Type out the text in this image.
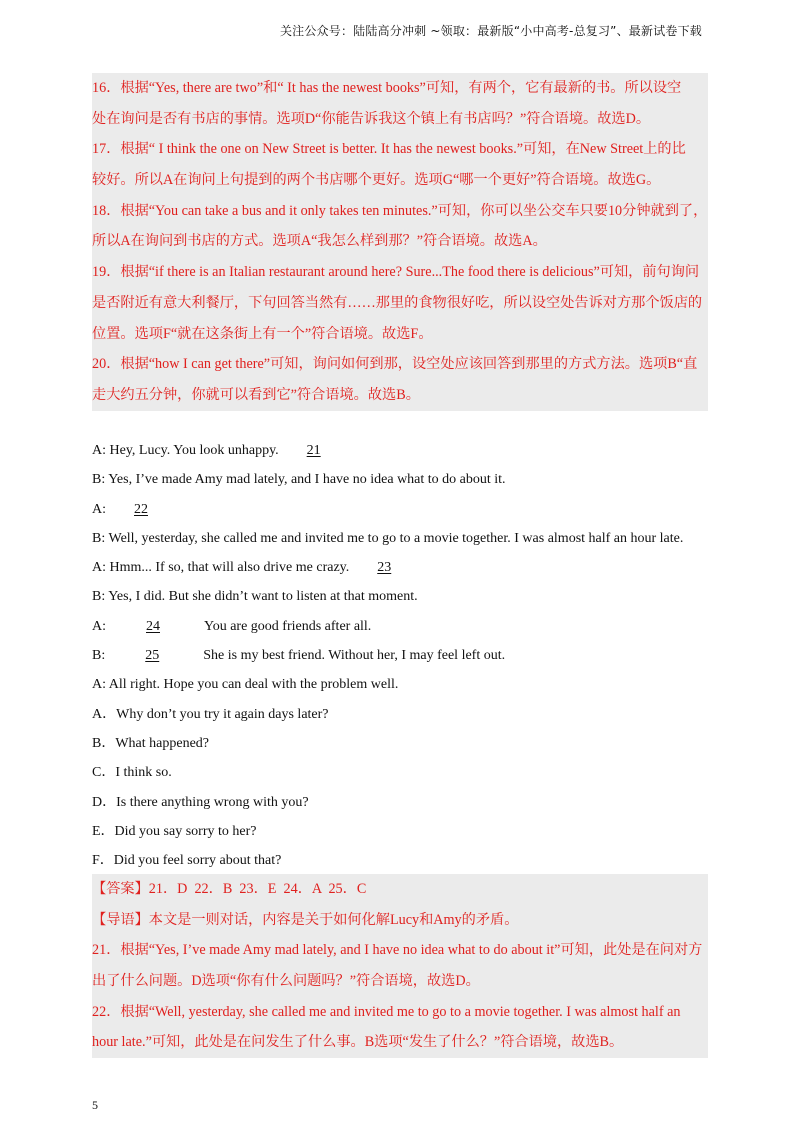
关注公众号：陆陆高分冲刺 ~领取：最新版“小中高考-总复习”、最新试卷下载
16．根据“Yes, there are two”和“ It has the newest books”可知，有两个，它有最新的书。所以设空
处在询问是否有书店的事情。选项D“你能告诉我这个镇上有书店吗？”符合语境。故选D。
17．根据“ I think the one on New Street is better. It has the newest books.”可知，在New Street上的比
较好。所以A在询问上句提到的两个书店哪个更好。选项G“哪一个更好”符合语境。故选G。
18．根据“You can take a bus and it only takes ten minutes.”可知，你可以坐公交车只要10分钟就到了，
所以A在询问到书店的方式。选项A“我怎么样到那？”符合语境。故选A。
19．根据“if there is an Italian restaurant around here? Sure...The food there is delicious”可知，前句询问
是否附近有意大利餐厅，下句回答当然有……那里的食物很好吃，所以设空处告诉对方那个饭店的
位置。选项F“就在这条街上有一个”符合语境。故选F。
20．根据“how I can get there”可知，询问如何到那，设空处应该回答到那里的方式方法。选项B“直
走大约五分钟，你就可以看到它”符合语境。故选B。
A: Hey, Lucy. You look unhappy. 21
B: Yes, I’ve made Amy mad lately, and I have no idea what to do about it.
A: 22
B: Well, yesterday, she called me and invited me to go to a movie together. I was almost half an hour late.
A: Hmm... If so, that will also drive me crazy. 23
B: Yes, I did. But she didn’t want to listen at that moment.
A:	24	You are good friends after all.
B:	25	She is my best friend. Without her, I may feel left out.
A: All right. Hope you can deal with the problem well.
A．Why don’t you try it again days later?
B．What happened?
C．I think so.
D．Is there anything wrong with you?
E．Did you say sorry to her?
F．Did you feel sorry about that?
【答案】21．D  22．B  23．E  24．A  25．C
【导语】本文是一则对话，内容是关于如何化解Lucy和Amy的矛盾。
21．根据“Yes, I’ve made Amy mad lately, and I have no idea what to do about it”可知，此处是在问对方
出了什么问题。D选项“你有什么问题吗？”符合语境，故选D。
22．根据“Well, yesterday, she called me and invited me to go to a movie together. I was almost half an
hour late.”可知，此处是在问发生了什么事。B选项“发生了什么？”符合语境，故选B。
5
